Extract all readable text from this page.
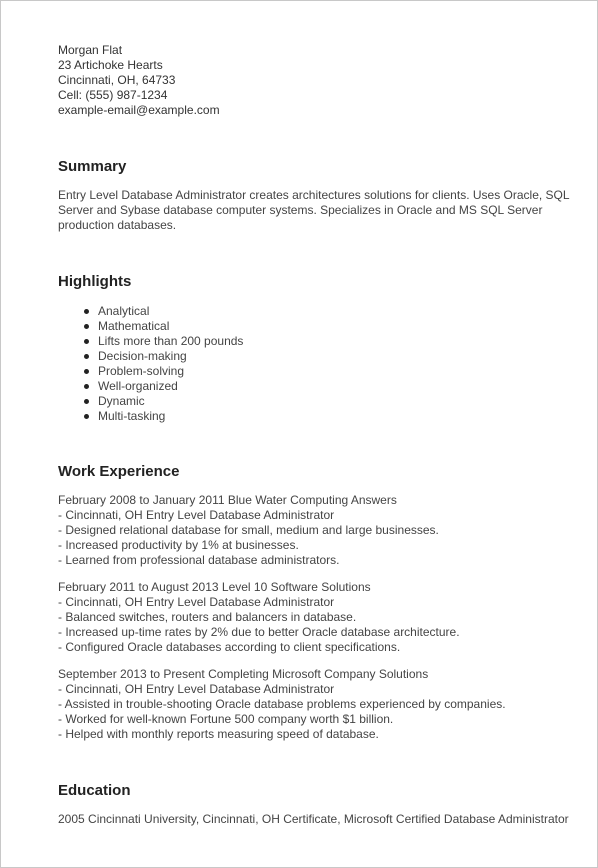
Morgan Flat
23 Artichoke Hearts
Cincinnati, OH, 64733
Cell: (555) 987-1234
example-email@example.com
Summary
Entry Level Database Administrator creates architectures solutions for clients. Uses Oracle, SQL Server and Sybase database computer systems. Specializes in Oracle and MS SQL Server production databases.
Highlights
Analytical
Mathematical
Lifts more than 200 pounds
Decision-making
Problem-solving
Well-organized
Dynamic
Multi-tasking
Work Experience
February 2008 to January 2011 Blue Water Computing Answers
- Cincinnati, OH Entry Level Database Administrator
- Designed relational database for small, medium and large businesses.
- Increased productivity by 1% at businesses.
- Learned from professional database administrators.
February 2011 to August 2013 Level 10 Software Solutions
- Cincinnati, OH Entry Level Database Administrator
- Balanced switches, routers and balancers in database.
- Increased up-time rates by 2% due to better Oracle database architecture.
- Configured Oracle databases according to client specifications.
September 2013 to Present Completing Microsoft Company Solutions
- Cincinnati, OH Entry Level Database Administrator
- Assisted in trouble-shooting Oracle database problems experienced by companies.
- Worked for well-known Fortune 500 company worth $1 billion.
- Helped with monthly reports measuring speed of database.
Education
2005 Cincinnati University, Cincinnati, OH Certificate, Microsoft Certified Database Administrator
